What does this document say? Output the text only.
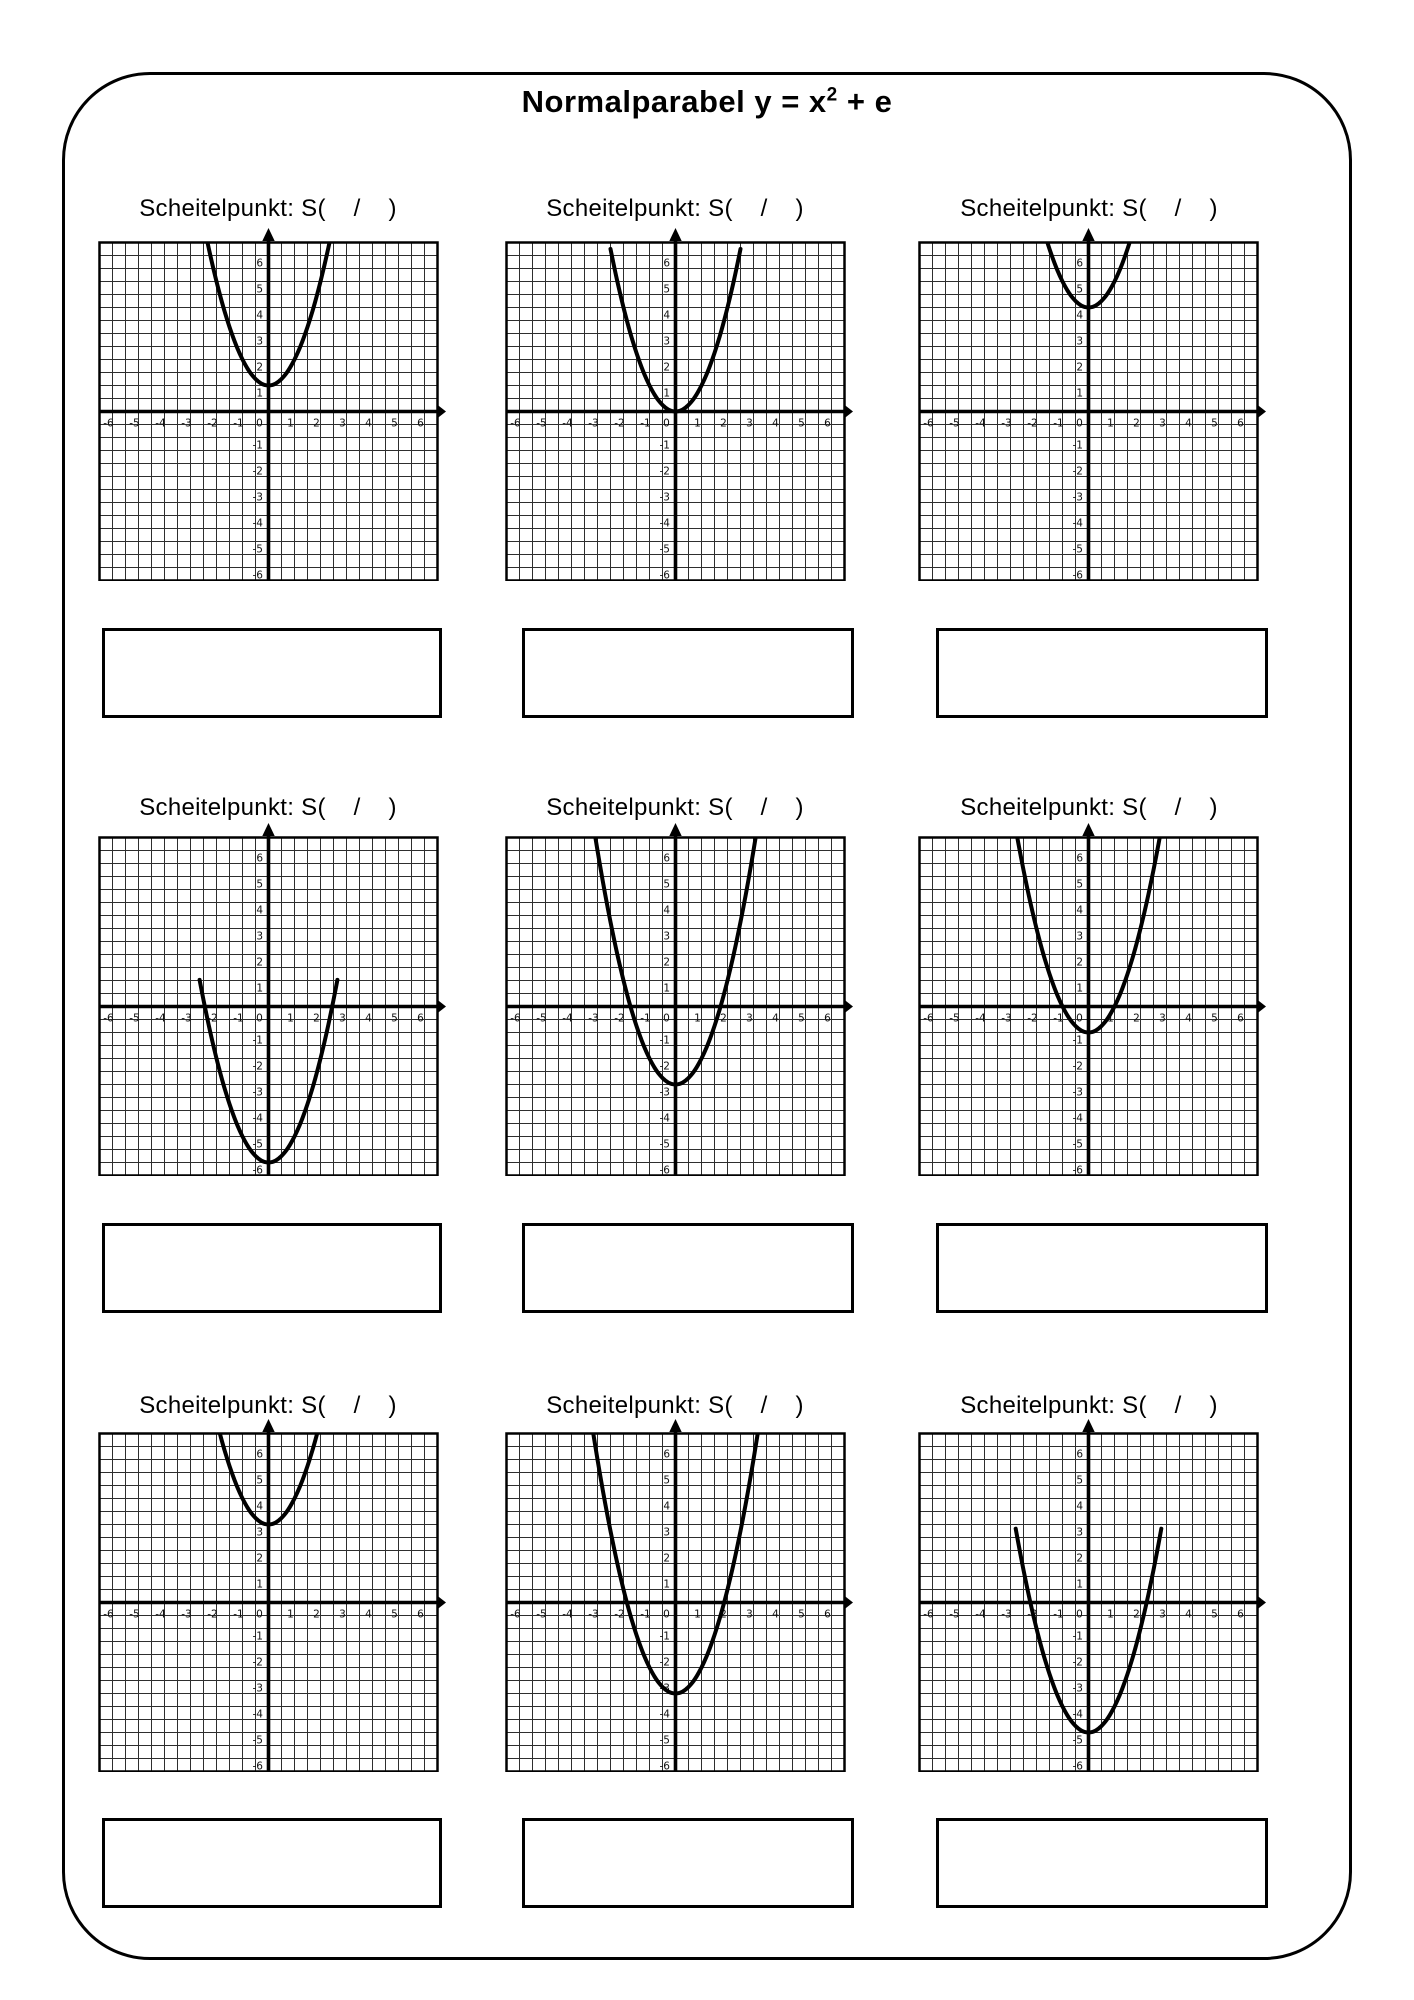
Normalparabel $y = x^2 + e$
Scheitelpunkt: S(    /    )
-6 -5 -4 -3 -2 -1 0 1 2 3 4 5 6
-6
-5
-4
-3
-2
-1
1
2
3
4
5
6
Scheitelpunkt: S(    /    )
-6 -5 -4 -3 -2 -1 0 1 2 3 4 5 6
-6
-5
-4
-3
-2
-1
1
2
3
4
5
6
Scheitelpunkt: S(    /    )
-6 -5 -4 -3 -2 -1 0 1 2 3 4 5 6
-6
-5
-4
-3
-2
-1
1
2
3
4
5
6
Scheitelpunkt: S(    /    )
-6 -5 -4 -3 -2 -1 0 1 2 3 4 5 6
-6
-5
-4
-3
-2
-1
1
2
3
4
5
6
Scheitelpunkt: S(    /    )
-6 -5 -4 -3 -2 -1 0 1 2 3 4 5 6
-6
-5
-4
-3
-2
-1
1
2
3
4
5
6
Scheitelpunkt: S(    /    )
-6 -5 -4 -3 -2 -1 0 1 2 3 4 5 6
-6
-5
-4
-3
-2
-1
1
2
3
4
5
6
Scheitelpunkt: S(    /    )
-6 -5 -4 -3 -2 -1 0 1 2 3 4 5 6
-6
-5
-4
-3
-2
-1
1
2
3
4
5
6
Scheitelpunkt: S(    /    )
-6 -5 -4 -3 -2 -1 0 1 2 3 4 5 6
-6
-5
-4
-3
-2
-1
1
2
3
4
5
6
Scheitelpunkt: S(    /    )
-6 -5 -4 -3 -2 -1 0 1 2 3 4 5 6
-6
-5
-4
-3
-2
-1
1
2
3
4
5
6
